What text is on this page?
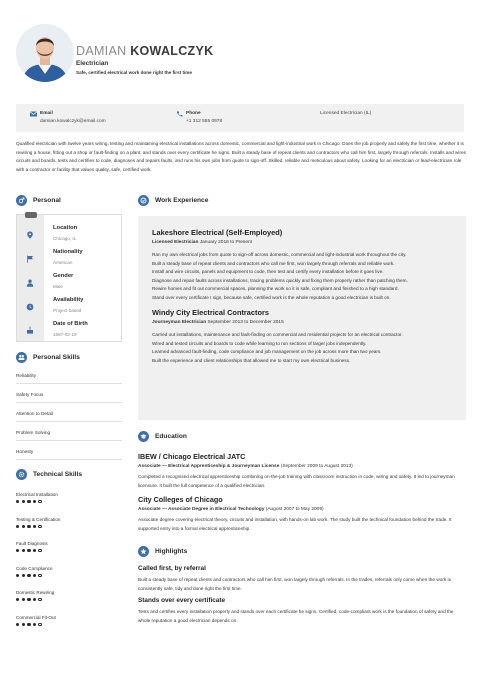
DAMIAN KOWALCZYK
Electrician
Safe, certified electrical work done right the first time
Email
damian.kowalczyk@email.com
Phone
+1 312 555 0978
Licensed Electrician (IL)
Qualified electrician with twelve years wiring, testing and maintaining electrical installations across domestic, commercial and light-industrial work in Chicago. Does the job properly and safely the first time, whether it is rewiring a house, fitting out a shop or fault-finding on a plant, and stands over every certificate he signs. Built a steady base of repeat clients and contractors who call him first, largely through referrals. Installs and wires circuits and boards, tests and certifies to code, diagnoses and repairs faults, and runs his own jobs from quote to sign-off. Skilled, reliable and meticulous about safety. Looking for an electrician or lead-electrician role with a contractor or facility that values quality, safe, certified work.
Personal
Location
Chicago, IL
Nationality
American
Gender
Male
Availability
Project-based
Date of Birth
1987-02-19
Personal Skills
Reliability
Safety Focus
Attention to Detail
Problem Solving
Honesty
Technical Skills
Electrical Installation
Testing & Certification
Fault Diagnosis
Code Compliance
Domestic Rewiring
Commercial Fit-Out
Work Experience
Lakeshore Electrical (Self-Employed)
Licensed Electrician January 2016 to Present
Ran my own electrical jobs from quote to sign-off across domestic, commercial and light-industrial work throughout the city.
Built a steady base of repeat clients and contractors who call me first, won largely through referrals and reliable work.
Install and wire circuits, panels and equipment to code, then test and certify every installation before it goes live.
Diagnose and repair faults across installations, tracing problems quickly and fixing them properly rather than patching them.
Rewire homes and fit out commercial spaces, planning the work so it is safe, compliant and finished to a high standard.
Stand over every certificate I sign, because safe, certified work is the whole reputation a good electrician is built on.
Windy City Electrical Contractors
Journeyman Electrician September 2013 to December 2015
Carried out installations, maintenance and fault-finding on commercial and residential projects for an electrical contractor.
Wired and tested circuits and boards to code while learning to run sections of larger jobs independently.
Learned advanced fault-finding, code compliance and job management on the job across more than two years.
Built the experience and client relationships that allowed me to start my own electrical business.
Education
IBEW / Chicago Electrical JATC
Associate — Electrical Apprenticeship & Journeyman License (September 2009 to August 2013)
Completed a recognised electrical apprenticeship combining on-the-job training with classroom instruction in code, wiring and safety. It led to journeyman licensure. It built the full competence of a qualified electrician.
City Colleges of Chicago
Associate — Associate Degree in Electrical Technology (August 2007 to May 2009)
Associate degree covering electrical theory, circuits and installation, with hands-on lab work. The study built the technical foundation behind the trade. It supported entry into a formal electrical apprenticeship.
Highlights
Called first, by referral
Built a steady base of repeat clients and contractors who call him first, won largely through referrals. In the trades, referrals only come when the work is consistently safe, tidy and done right the first time.
Stands over every certificate
Tests and certifies every installation properly and stands over each certificate he signs. Certified, code-compliant work is the foundation of safety and the whole reputation a good electrician depends on.
